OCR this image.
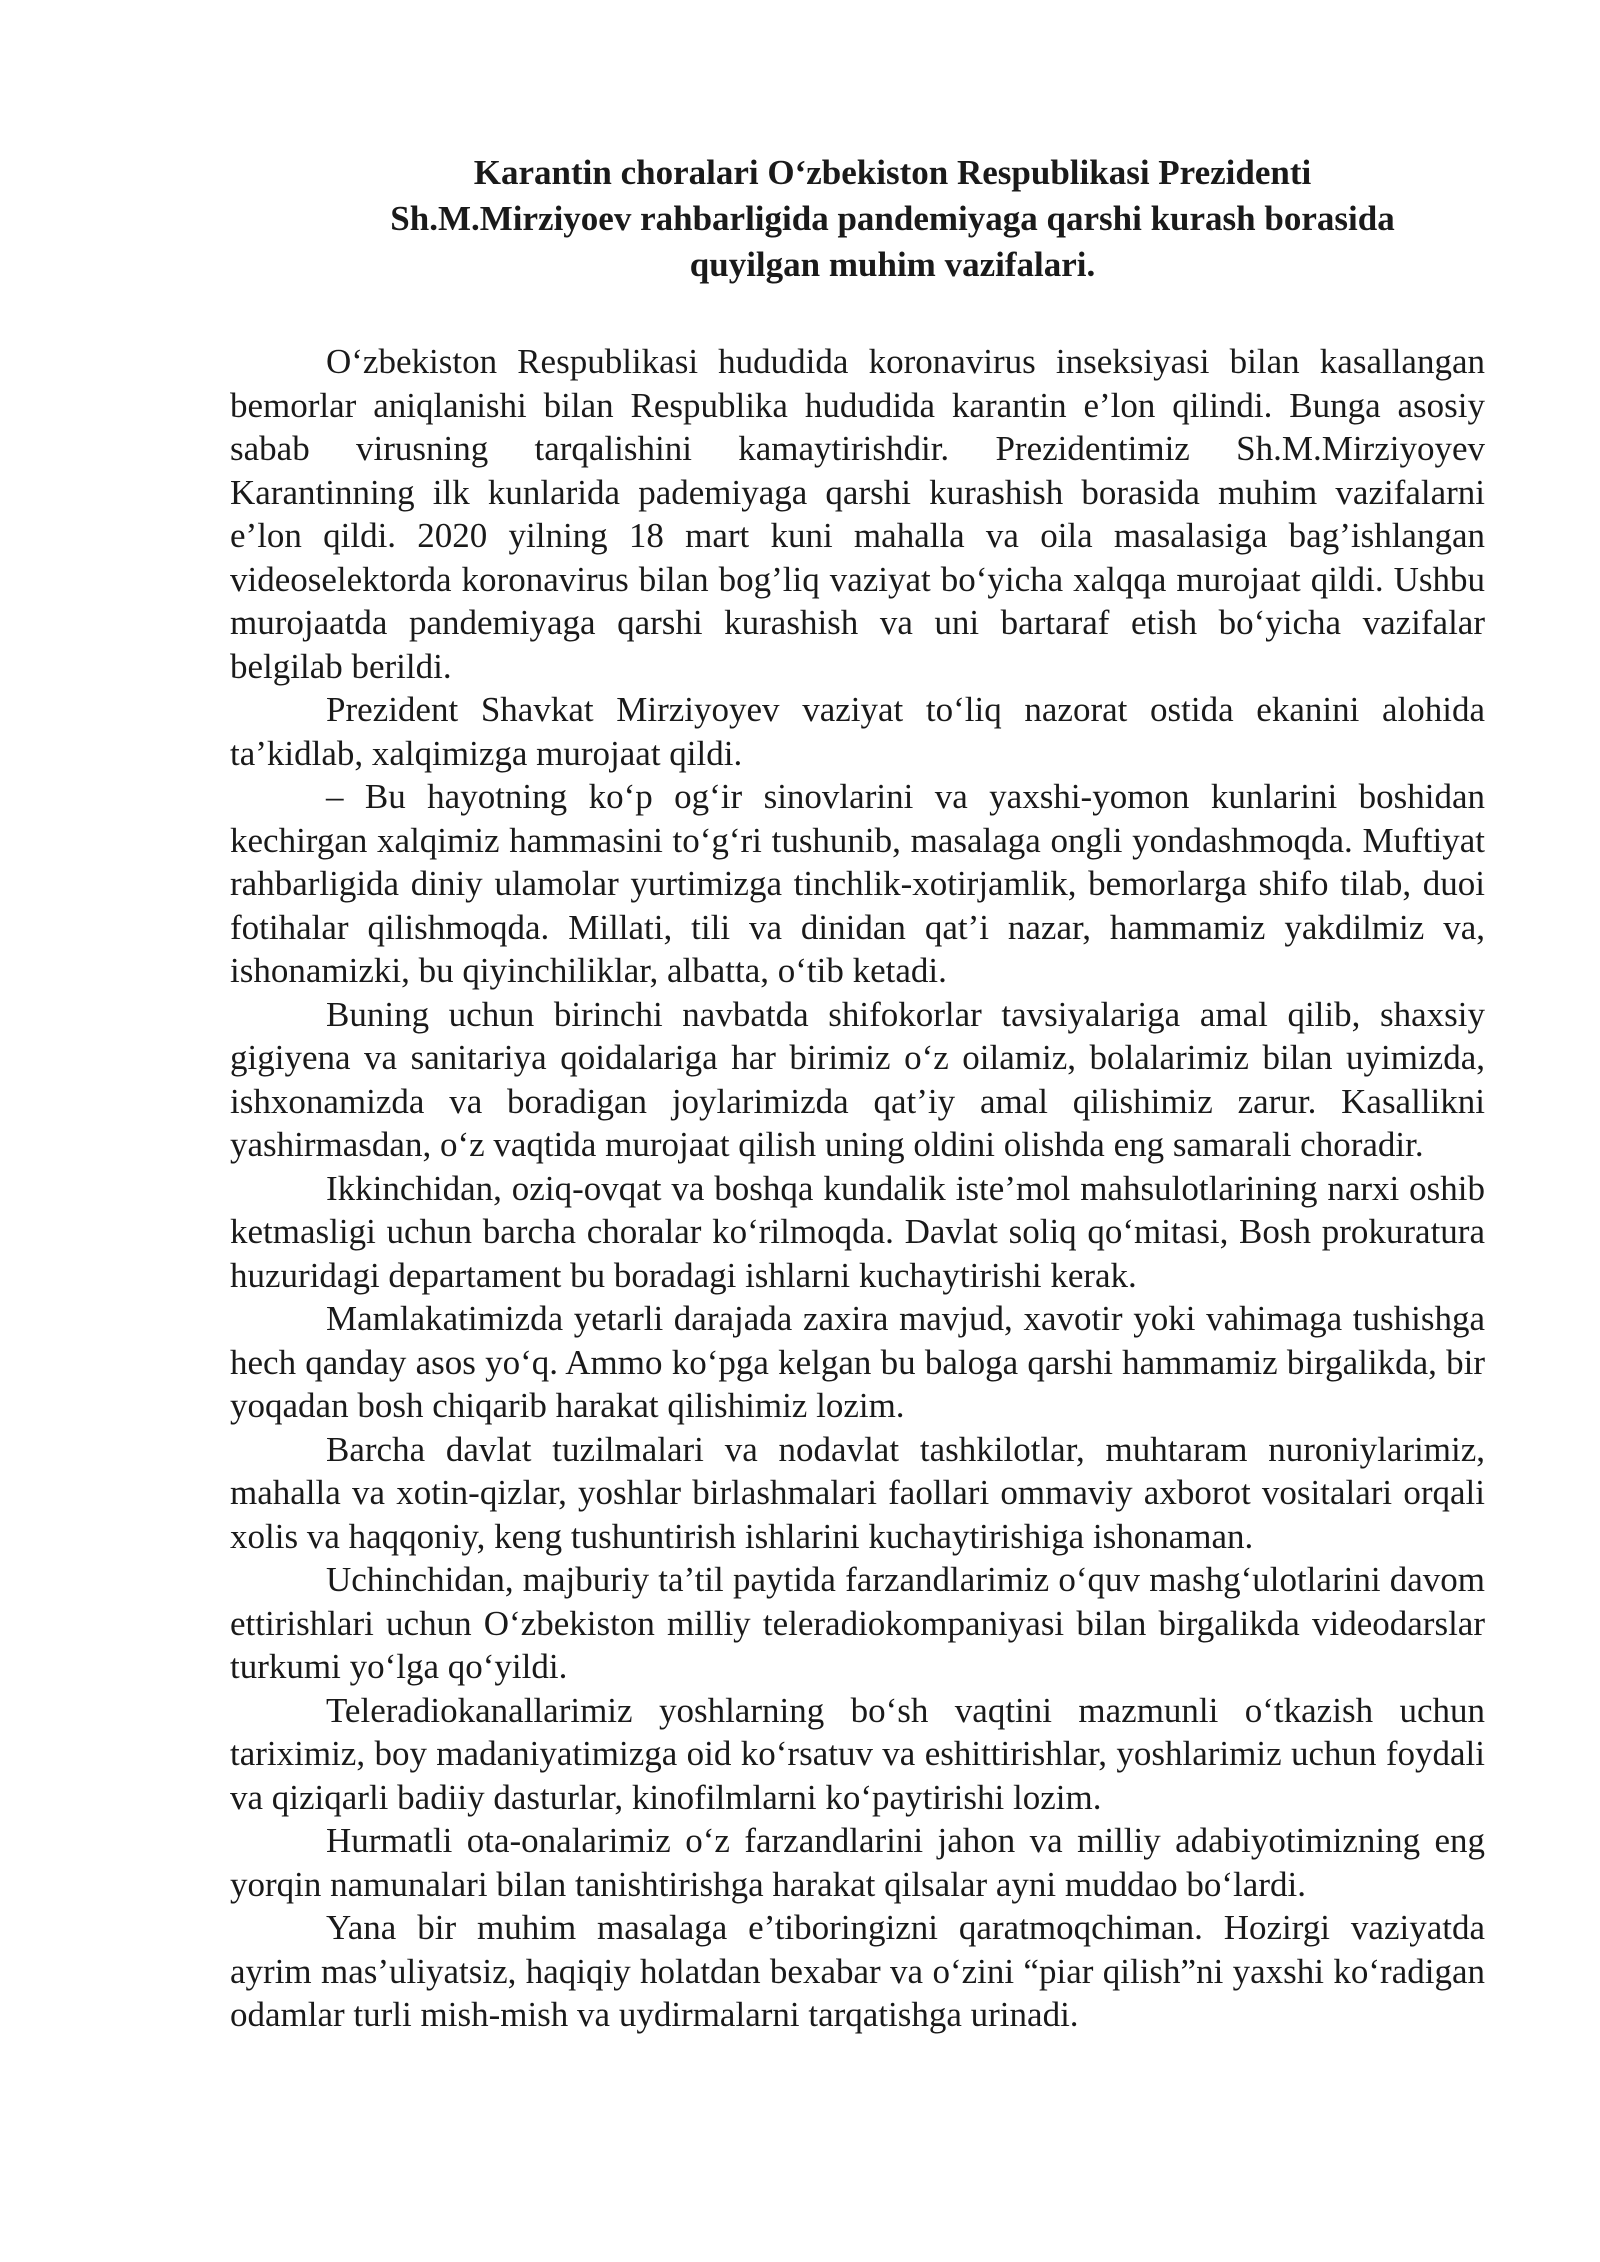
Karantin choralari O‘zbekiston Respublikasi Prezidenti
Sh.M.Mirziyoev rahbarligida pandemiyaga qarshi kurash borasida
quyilgan muhim vazifalari.

O‘zbekiston Respublikasi hududida koronavirus inseksiyasi bilan kasallangan bemorlar aniqlanishi bilan Respublika hududida karantin e’lon qilindi. Bunga asosiy sabab virusning tarqalishini kamaytirishdir. Prezidentimiz Sh.M.Mirziyoyev Karantinning ilk kunlarida pademiyaga qarshi kurashish borasida muhim vazifalarni e’lon qildi. 2020 yilning 18 mart kuni mahalla va oila masalasiga bag’ishlangan videoselektorda koronavirus bilan bog’liq vaziyat bo‘yicha xalqqa murojaat qildi. Ushbu murojaatda pandemiyaga qarshi kurashish va uni bartaraf etish bo‘yicha vazifalar belgilab berildi.

Prezident Shavkat Mirziyoyev vaziyat to‘liq nazorat ostida ekanini alohida ta’kidlab, xalqimizga murojaat qildi.

– Bu hayotning ko‘p og‘ir sinovlarini va yaxshi-yomon kunlarini boshidan kechirgan xalqimiz hammasini to‘g‘ri tushunib, masalaga ongli yondashmoqda. Muftiyat rahbarligida diniy ulamolar yurtimizga tinchlik-xotirjamlik, bemorlarga shifo tilab, duoi fotihalar qilishmoqda. Millati, tili va dinidan qat’i nazar, hammamiz yakdilmiz va, ishonamizki, bu qiyinchiliklar, albatta, o‘tib ketadi.

Buning uchun birinchi navbatda shifokorlar tavsiyalariga amal qilib, shaxsiy gigiyena va sanitariya qoidalariga har birimiz o‘z oilamiz, bolalarimiz bilan uyimizda, ishxonamizda va boradigan joylarimizda qat’iy amal qilishimiz zarur. Kasallikni yashirmasdan, o‘z vaqtida murojaat qilish uning oldini olishda eng samarali choradir.

Ikkinchidan, oziq-ovqat va boshqa kundalik iste’mol mahsulotlarining narxi oshib ketmasligi uchun barcha choralar ko‘rilmoqda. Davlat soliq qo‘mitasi, Bosh prokuratura huzuridagi departament bu boradagi ishlarni kuchaytirishi kerak.

Mamlakatimizda yetarli darajada zaxira mavjud, xavotir yoki vahimaga tushishga hech qanday asos yo‘q. Ammo ko‘pga kelgan bu baloga qarshi hammamiz birgalikda, bir yoqadan bosh chiqarib harakat qilishimiz lozim.

Barcha davlat tuzilmalari va nodavlat tashkilotlar, muhtaram nuroniylarimiz, mahalla va xotin-qizlar, yoshlar birlashmalari faollari ommaviy axborot vositalari orqali xolis va haqqoniy, keng tushuntirish ishlarini kuchaytirishiga ishonaman.

Uchinchidan, majburiy ta’til paytida farzandlarimiz o‘quv mashg‘ulotlarini davom ettirishlari uchun O‘zbekiston milliy teleradiokompaniyasi bilan birgalikda videodarslar turkumi yo‘lga qo‘yildi.

Teleradiokanallarimiz yoshlarning bo‘sh vaqtini mazmunli o‘tkazish uchun tariximiz, boy madaniyatimizga oid ko‘rsatuv va eshittirishlar, yoshlarimiz uchun foydali va qiziqarli badiiy dasturlar, kinofilmlarni ko‘paytirishi lozim.

Hurmatli ota-onalarimiz o‘z farzandlarini jahon va milliy adabiyotimizning eng yorqin namunalari bilan tanishtirishga harakat qilsalar ayni muddao bo‘lardi.

Yana bir muhim masalaga e’tiboringizni qaratmoqchiman. Hozirgi vaziyatda ayrim mas’uliyatsiz, haqiqiy holatdan bexabar va o‘zini “piar qilish”ni yaxshi ko‘radigan odamlar turli mish-mish va uydirmalarni tarqatishga urinadi.
